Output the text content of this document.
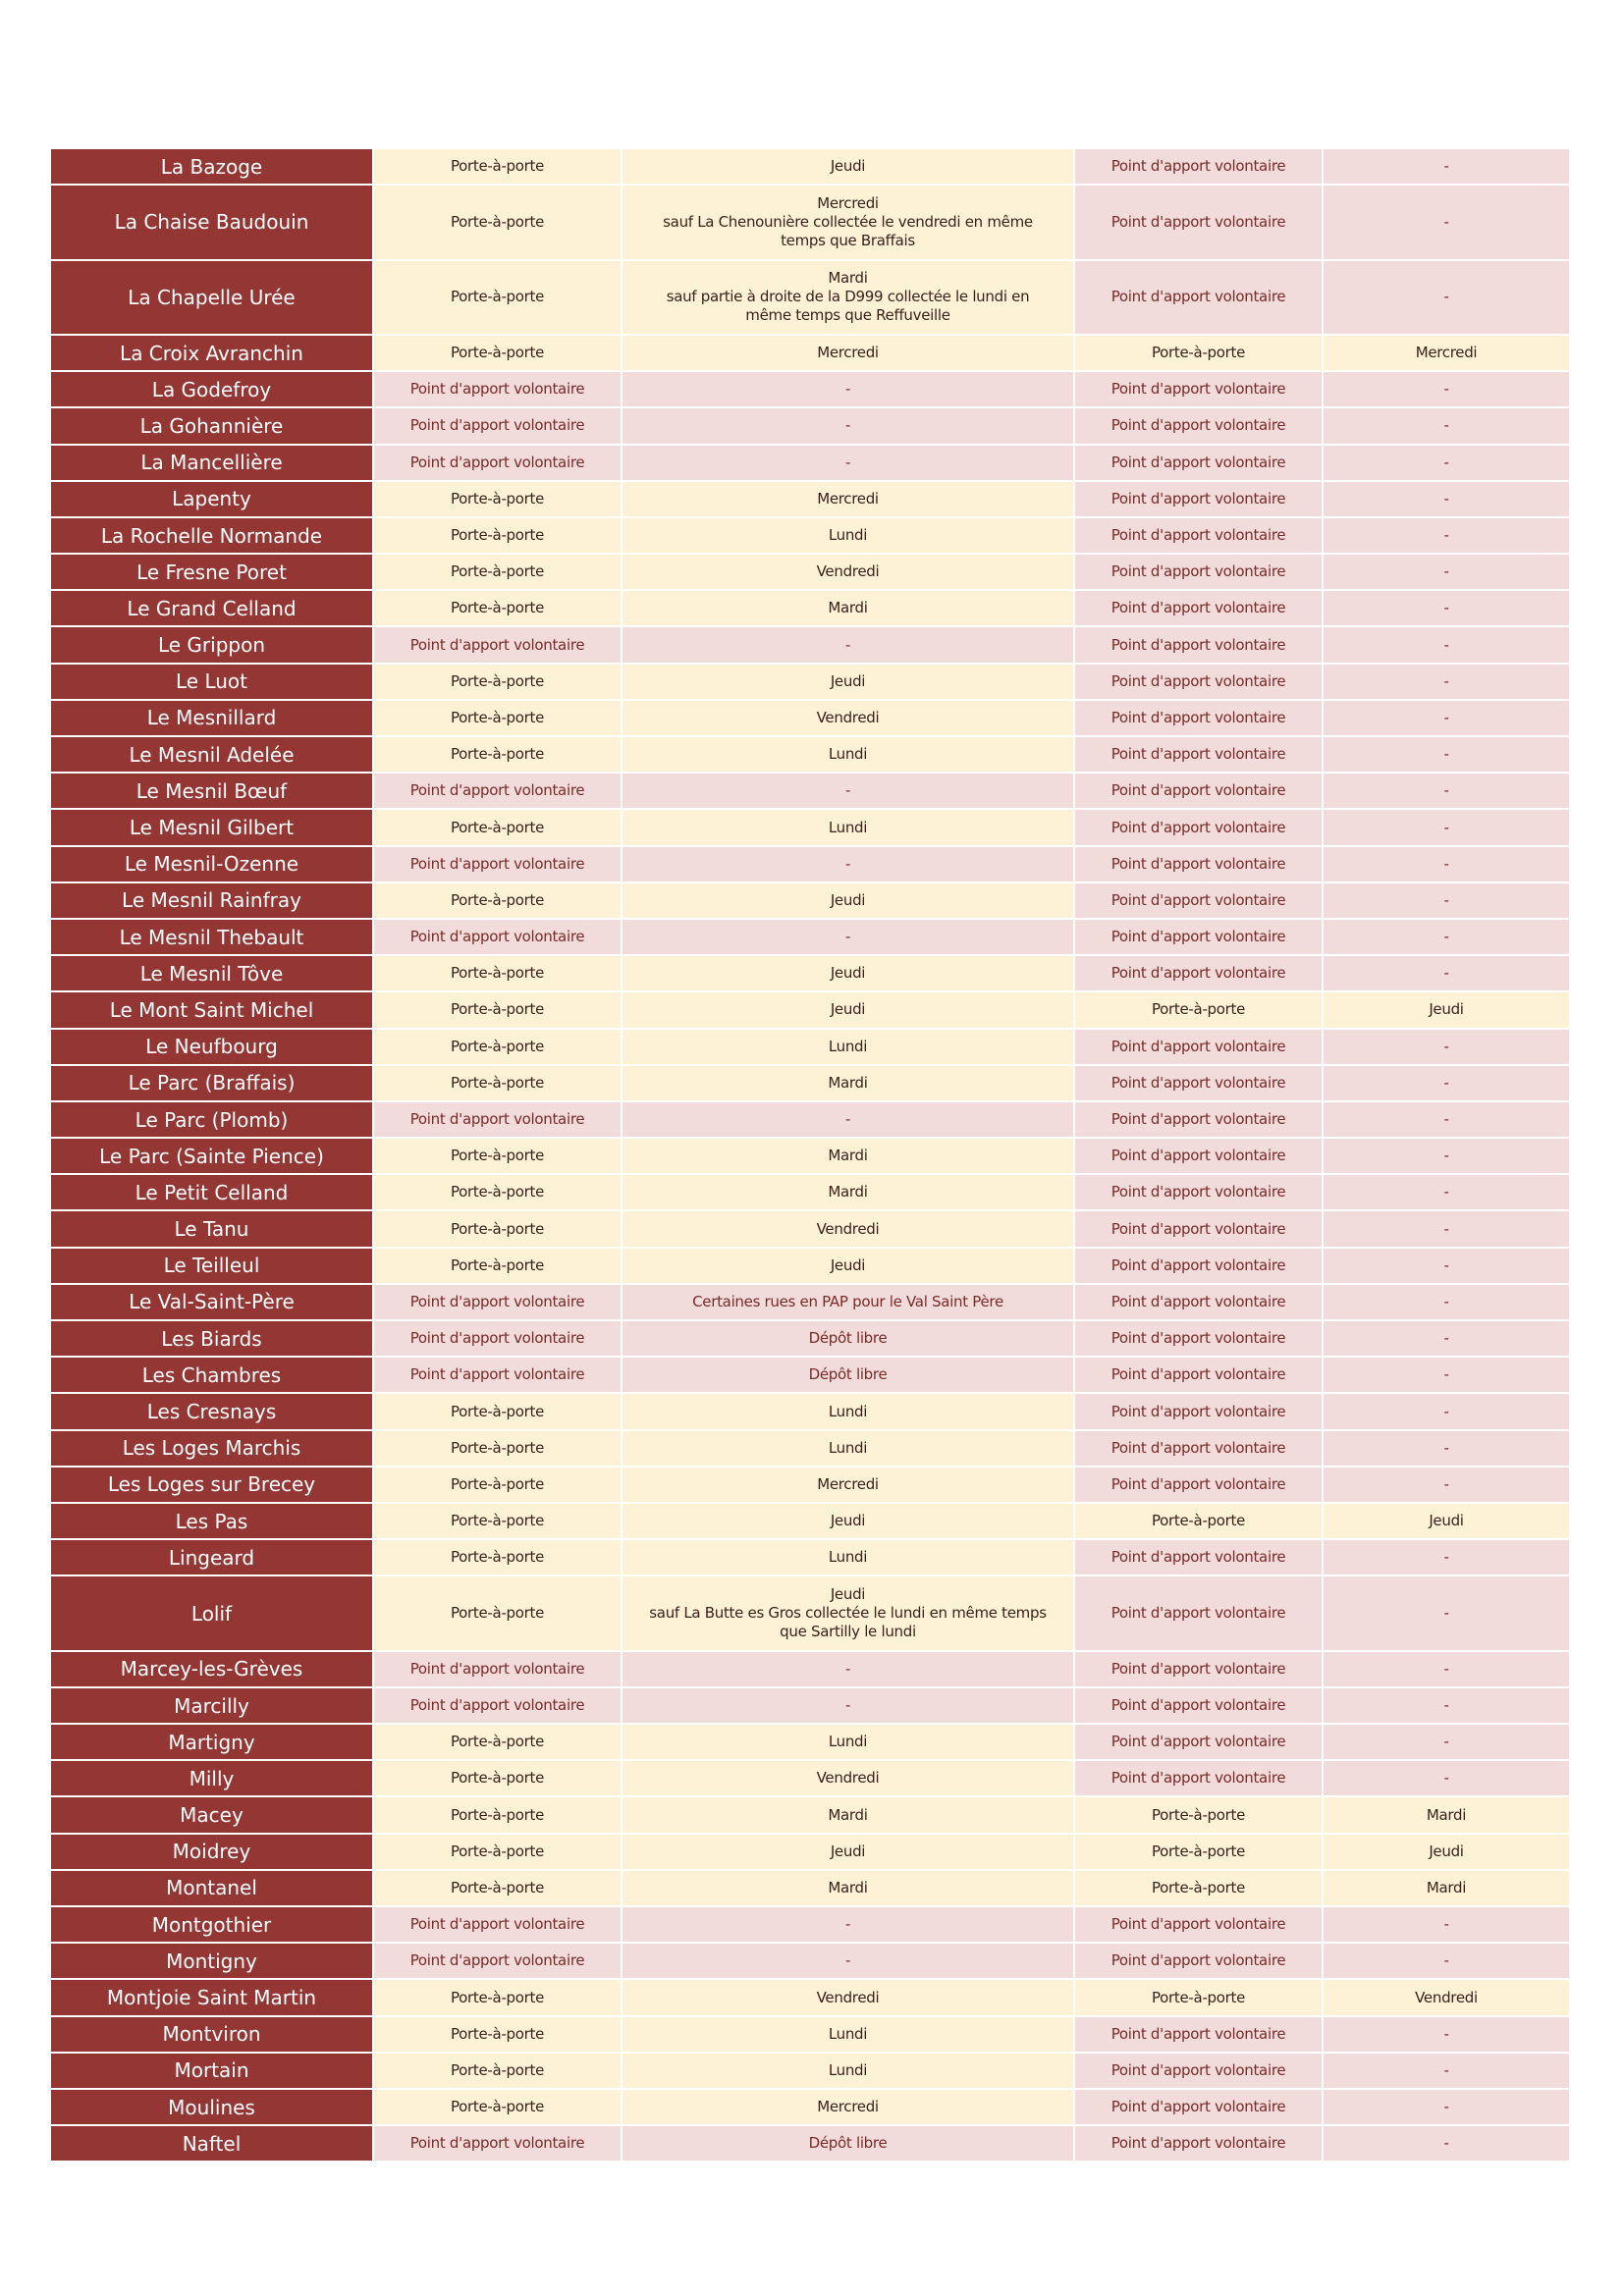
La Bazoge	Porte-à-porte	Jeudi	Point d'apport volontaire	-
La Chaise Baudouin	Porte-à-porte	Mercredi
sauf La Chenounière collectée le vendredi en même
temps que Braffais	Point d'apport volontaire	-
La Chapelle Urée	Porte-à-porte	Mardi
sauf partie à droite de la D999 collectée le lundi en
même temps que Reffuveille	Point d'apport volontaire	-
La Croix Avranchin	Porte-à-porte	Mercredi	Porte-à-porte	Mercredi
La Godefroy	Point d'apport volontaire	-	Point d'apport volontaire	-
La Gohannière	Point d'apport volontaire	-	Point d'apport volontaire	-
La Mancellière	Point d'apport volontaire	-	Point d'apport volontaire	-
Lapenty	Porte-à-porte	Mercredi	Point d'apport volontaire	-
La Rochelle Normande	Porte-à-porte	Lundi	Point d'apport volontaire	-
Le Fresne Poret	Porte-à-porte	Vendredi	Point d'apport volontaire	-
Le Grand Celland	Porte-à-porte	Mardi	Point d'apport volontaire	-
Le Grippon	Point d'apport volontaire	-	Point d'apport volontaire	-
Le Luot	Porte-à-porte	Jeudi	Point d'apport volontaire	-
Le Mesnillard	Porte-à-porte	Vendredi	Point d'apport volontaire	-
Le Mesnil Adelée	Porte-à-porte	Lundi	Point d'apport volontaire	-
Le Mesnil Bœuf	Point d'apport volontaire	-	Point d'apport volontaire	-
Le Mesnil Gilbert	Porte-à-porte	Lundi	Point d'apport volontaire	-
Le Mesnil-Ozenne	Point d'apport volontaire	-	Point d'apport volontaire	-
Le Mesnil Rainfray	Porte-à-porte	Jeudi	Point d'apport volontaire	-
Le Mesnil Thebault	Point d'apport volontaire	-	Point d'apport volontaire	-
Le Mesnil Tôve	Porte-à-porte	Jeudi	Point d'apport volontaire	-
Le Mont Saint Michel	Porte-à-porte	Jeudi	Porte-à-porte	Jeudi
Le Neufbourg	Porte-à-porte	Lundi	Point d'apport volontaire	-
Le Parc (Braffais)	Porte-à-porte	Mardi	Point d'apport volontaire	-
Le Parc (Plomb)	Point d'apport volontaire	-	Point d'apport volontaire	-
Le Parc (Sainte Pience)	Porte-à-porte	Mardi	Point d'apport volontaire	-
Le Petit Celland	Porte-à-porte	Mardi	Point d'apport volontaire	-
Le Tanu	Porte-à-porte	Vendredi	Point d'apport volontaire	-
Le Teilleul	Porte-à-porte	Jeudi	Point d'apport volontaire	-
Le Val-Saint-Père	Point d'apport volontaire	Certaines rues en PAP pour le Val Saint Père	Point d'apport volontaire	-
Les Biards	Point d'apport volontaire	Dépôt libre	Point d'apport volontaire	-
Les Chambres	Point d'apport volontaire	Dépôt libre	Point d'apport volontaire	-
Les Cresnays	Porte-à-porte	Lundi	Point d'apport volontaire	-
Les Loges Marchis	Porte-à-porte	Lundi	Point d'apport volontaire	-
Les Loges sur Brecey	Porte-à-porte	Mercredi	Point d'apport volontaire	-
Les Pas	Porte-à-porte	Jeudi	Porte-à-porte	Jeudi
Lingeard	Porte-à-porte	Lundi	Point d'apport volontaire	-
Lolif	Porte-à-porte	Jeudi
sauf La Butte es Gros collectée le lundi en même temps
que Sartilly le lundi	Point d'apport volontaire	-
Marcey-les-Grèves	Point d'apport volontaire	-	Point d'apport volontaire	-
Marcilly	Point d'apport volontaire	-	Point d'apport volontaire	-
Martigny	Porte-à-porte	Lundi	Point d'apport volontaire	-
Milly	Porte-à-porte	Vendredi	Point d'apport volontaire	-
Macey	Porte-à-porte	Mardi	Porte-à-porte	Mardi
Moidrey	Porte-à-porte	Jeudi	Porte-à-porte	Jeudi
Montanel	Porte-à-porte	Mardi	Porte-à-porte	Mardi
Montgothier	Point d'apport volontaire	-	Point d'apport volontaire	-
Montigny	Point d'apport volontaire	-	Point d'apport volontaire	-
Montjoie Saint Martin	Porte-à-porte	Vendredi	Porte-à-porte	Vendredi
Montviron	Porte-à-porte	Lundi	Point d'apport volontaire	-
Mortain	Porte-à-porte	Lundi	Point d'apport volontaire	-
Moulines	Porte-à-porte	Mercredi	Point d'apport volontaire	-
Naftel	Point d'apport volontaire	Dépôt libre	Point d'apport volontaire	-
